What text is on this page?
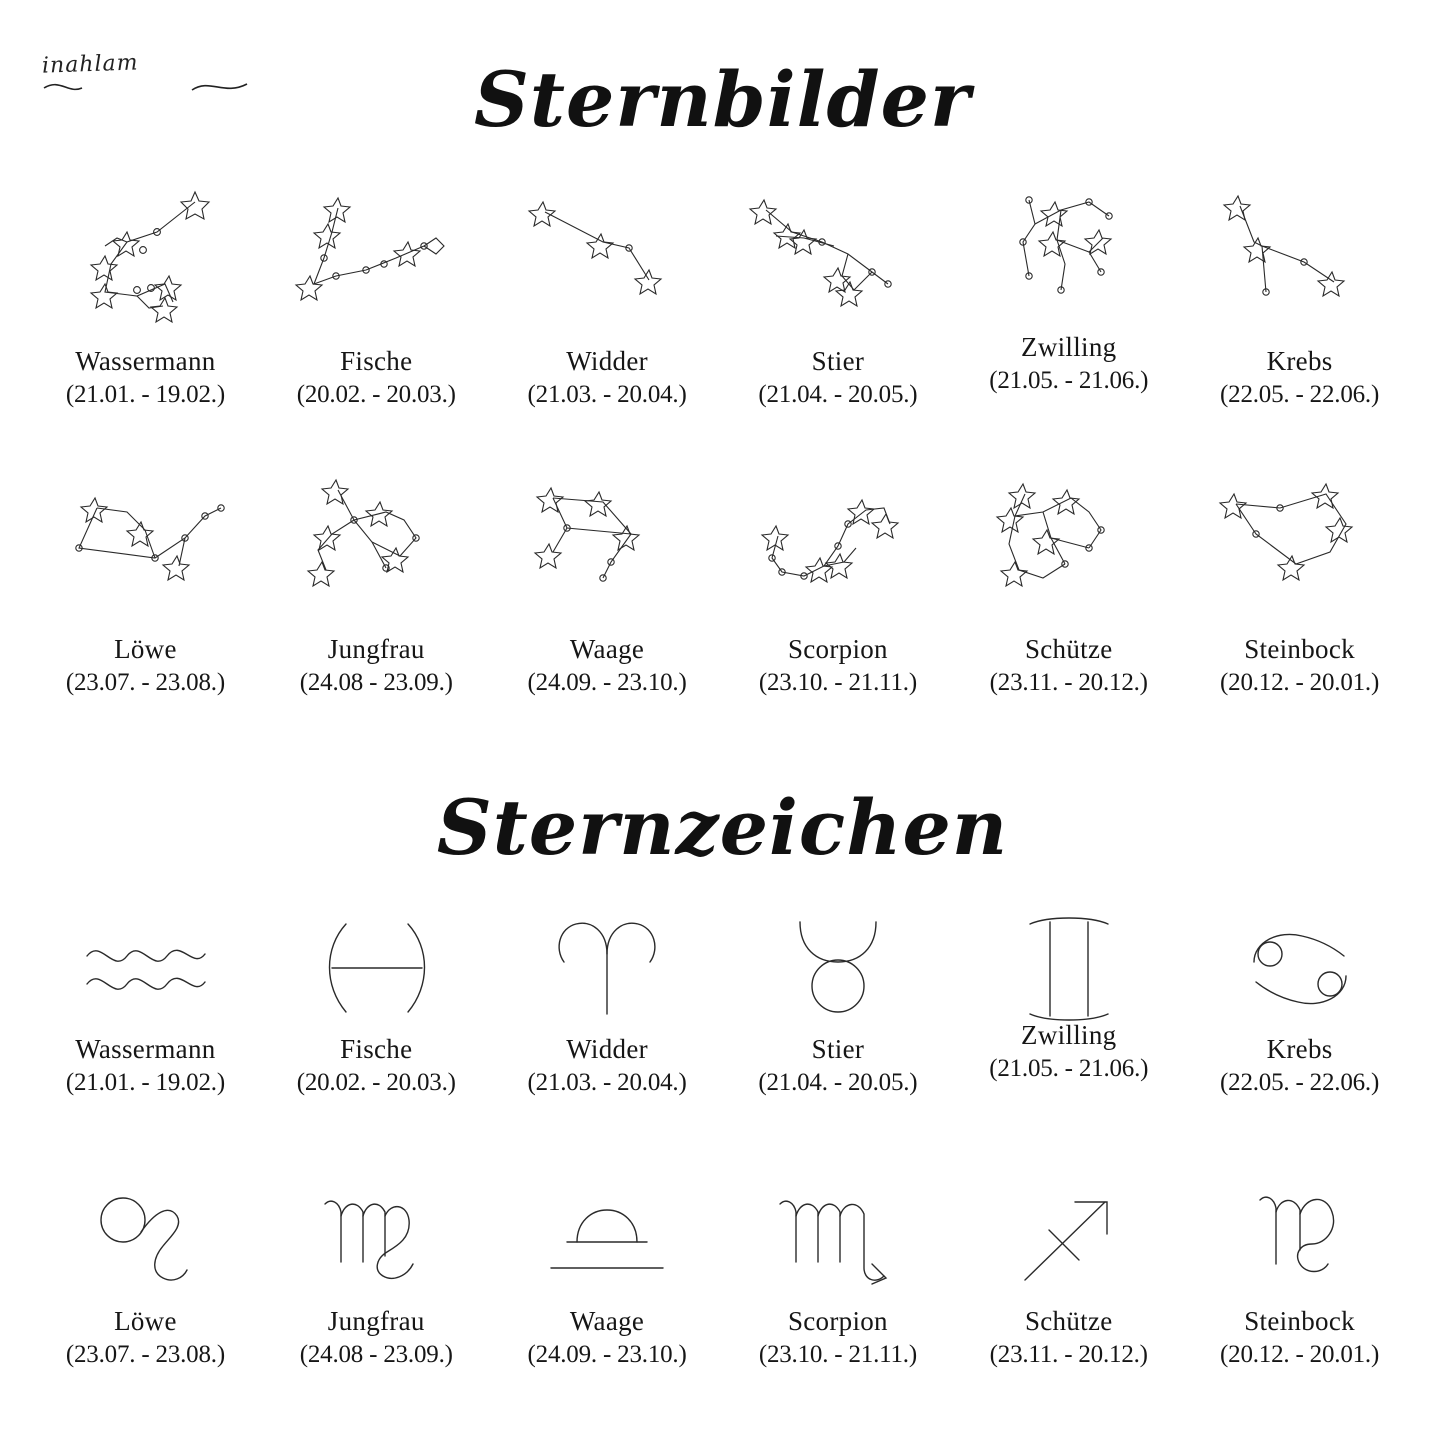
inahlam	Sternbilder
Wassermann
(21.01. - 19.02.)
Fische
(20.02. - 20.03.)
Widder
(21.03. - 20.04.)
Stier
(21.04. - 20.05.)
Zwilling
(21.05. - 21.06.)
Krebs
(22.05. - 22.06.)
Löwe
(23.07. - 23.08.)
Jungfrau
(24.08 - 23.09.)
Waage
(24.09. - 23.10.)
Scorpion
(23.10. - 21.11.)
Schütze
(23.11. - 20.12.)
Steinbock
(20.12. - 20.01.)
Sternzeichen
Wassermann
(21.01. - 19.02.)
Fische
(20.02. - 20.03.)
Widder
(21.03. - 20.04.)
Stier
(21.04. - 20.05.)
Zwilling
(21.05. - 21.06.)
Krebs
(22.05. - 22.06.)
Löwe
(23.07. - 23.08.)
Jungfrau
(24.08 - 23.09.)
Waage
(24.09. - 23.10.)
Scorpion
(23.10. - 21.11.)
Schütze
(23.11. - 20.12.)
Steinbock
(20.12. - 20.01.)
